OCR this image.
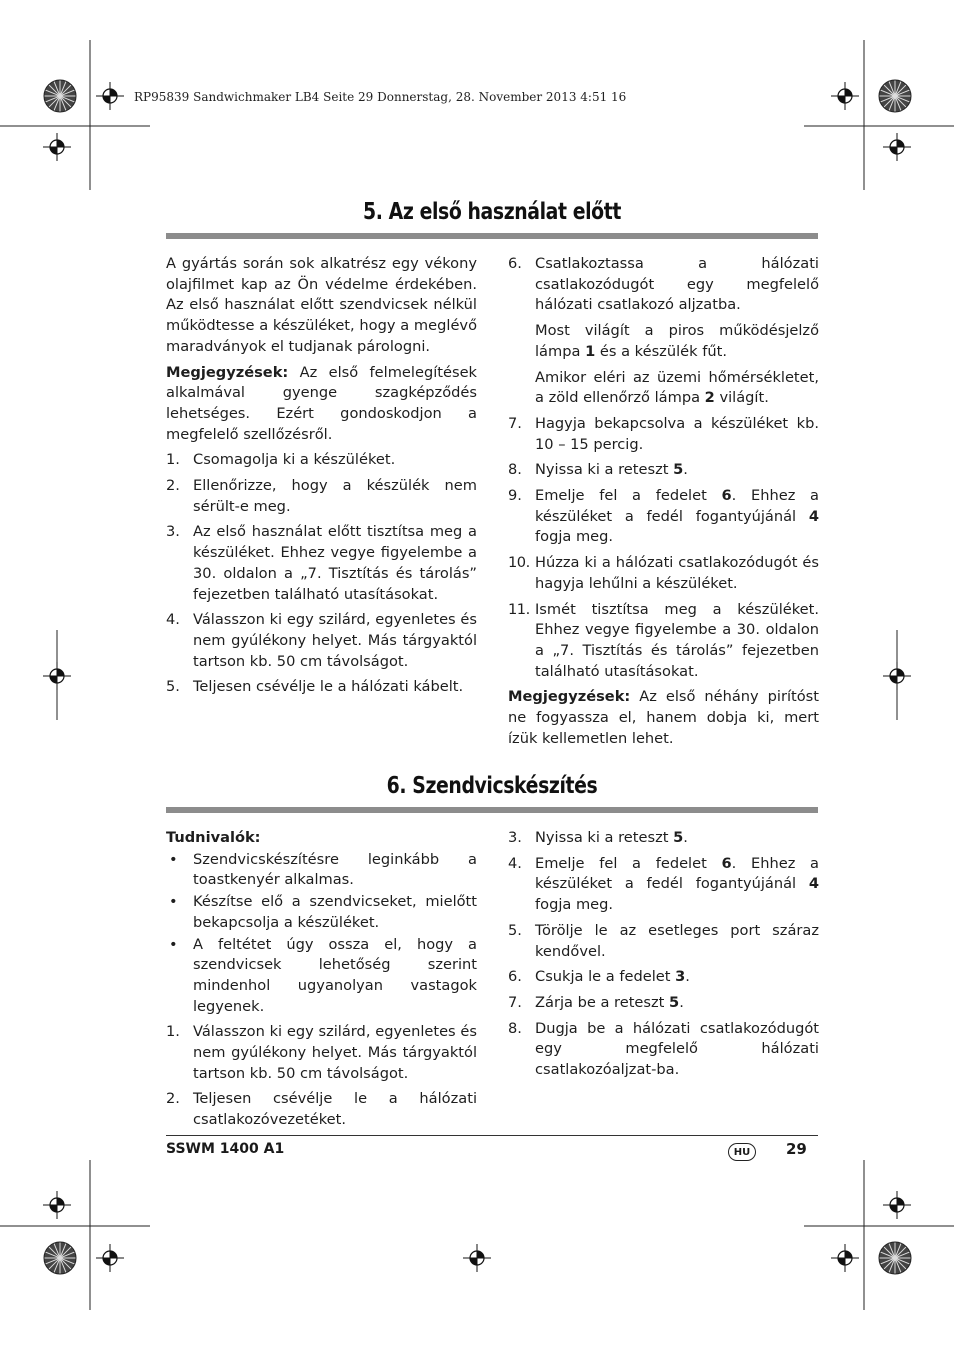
RP95839 Sandwichmaker LB4 Seite 29 Donnerstag, 28. November 2013 4:51 16
5. Az első használat előtt

A gyártás során sok alkatrész egy vékony olajfilmet kap az Ön védelme érdekében. Az első használat előtt szendvicsek nélkül működtesse a készüléket, hogy a meglévő maradványok el tudjanak párologni.

Megjegyzések: Az első felmelegítések alkalmával gyenge szagképződés lehetséges. Ezért gondoskodjon a megfelelő szellőzésről.

1. Csomagolja ki a készüléket.
2. Ellenőrizze, hogy a készülék nem sérült-e meg.
3. Az első használat előtt tisztítsa meg a készüléket. Ehhez vegye figyelembe a 30. oldalon a „7. Tisztítás és tárolás” fejezetben található utasításokat.
4. Válasszon ki egy szilárd, egyenletes és nem gyúlékony helyet. Más tárgyaktól tartson kb. 50 cm távolságot.
5. Teljesen csévélje le a hálózati kábelt.
6. Csatlakoztassa a hálózati csatlakozódugót egy megfelelő hálózati csatlakozó aljzatba.
Most világít a piros működésjelző lámpa 1 és a készülék fűt.
Amikor eléri az üzemi hőmérsékletet, a zöld ellenőrző lámpa 2 világít.
7. Hagyja bekapcsolva a készüléket kb. 10 – 15 percig.
8. Nyissa ki a reteszt 5.
9. Emelje fel a fedelet 6. Ehhez a készüléket a fedél fogantyújánál 4 fogja meg.
10. Húzza ki a hálózati csatlakozódugót és hagyja lehűlni a készüléket.
11. Ismét tisztítsa meg a készüléket. Ehhez vegye figyelembe a 30. oldalon a „7. Tisztítás és tárolás” fejezetben található utasításokat.

Megjegyzések: Az első néhány pirítóst ne fogyassza el, hanem dobja ki, mert ízük kellemetlen lehet.

6. Szendvicskészítés

Tudnivalók:

• Szendvicskészítésre leginkább a toastkenyér alkalmas.
• Készítse elő a szendvicseket, mielőtt bekapcsolja a készüléket.
• A feltétet úgy ossza el, hogy a szendvicsek lehetőség szerint mindenhol ugyanolyan vastagok legyenek.
1. Válasszon ki egy szilárd, egyenletes és nem gyúlékony helyet. Más tárgyaktól tartson kb. 50 cm távolságot.
2. Teljesen csévélje le a hálózati csatlakozóvezetéket.
3. Nyissa ki a reteszt 5.
4. Emelje fel a fedelet 6. Ehhez a készüléket a fedél fogantyújánál 4 fogja meg.
5. Törölje le az esetleges port száraz kendővel.
6. Csukja le a fedelet 3.
7. Zárja be a reteszt 5.
8. Dugja be a hálózati csatlakozódugót egy megfelelő hálózati csatlakozóaljzat-ba.
SSWM 1400 A1	HU	29
